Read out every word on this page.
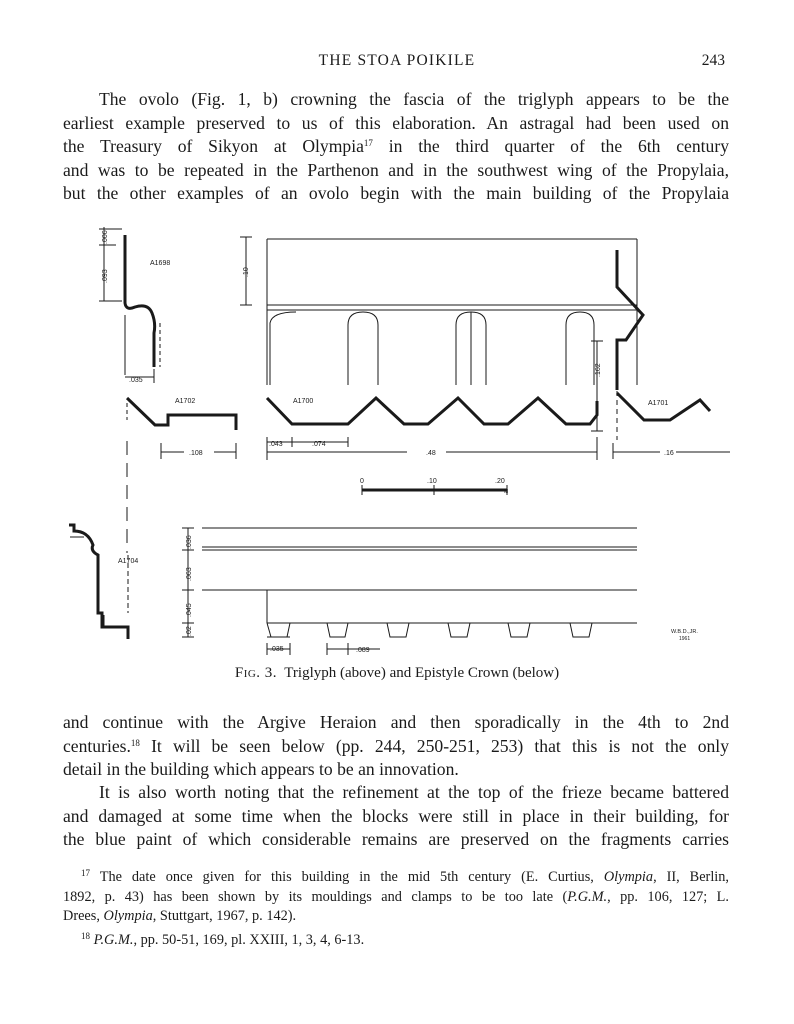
THE STOA POIKILE	243

The ovolo (Fig. 1, b) crowning the fascia of the triglyph appears to be the

earliest example preserved to us of this elaboration. An astragal had been used on

the Treasury of Sikyon at Olympia$^{17}$ in the third quarter of the 6th century

and was to be repeated in the Parthenon and in the southwest wing of the Propylaia,

but the other examples of an ovolo begin with the main building of the Propylaia

A1698
A1702	A1700	A1701
A1704
.006
.093	.10
.035
.162
.043	.074
.108	.48	.16
.036
.063
.045
.02
.035	.089
0	.10	.20
M
W.B.D.,JR.
1961
Fig. 3. Triglyph (above) and Epistyle Crown (below)

and continue with the Argive Heraion and then sporadically in the 4th to 2nd

centuries.$^{18}$ It will be seen below (pp. 244, 250-251, 253) that this is not the only

detail in the building which appears to be an innovation.

It is also worth noting that the refinement at the top of the frieze became battered

and damaged at some time when the blocks were still in place in their building, for

the blue paint of which considerable remains are preserved on the fragments carries

$^{17}$ The date once given for this building in the mid 5th century (E. Curtius, Olympia, II, Berlin,

1892, p. 43) has been shown by its mouldings and clamps to be too late (P.G.M., pp. 106, 127; L.

Drees, Olympia, Stuttgart, 1967, p. 142).

$^{18}$ P.G.M., pp. 50-51, 169, pl. XXIII, 1, 3, 4, 6-13.
